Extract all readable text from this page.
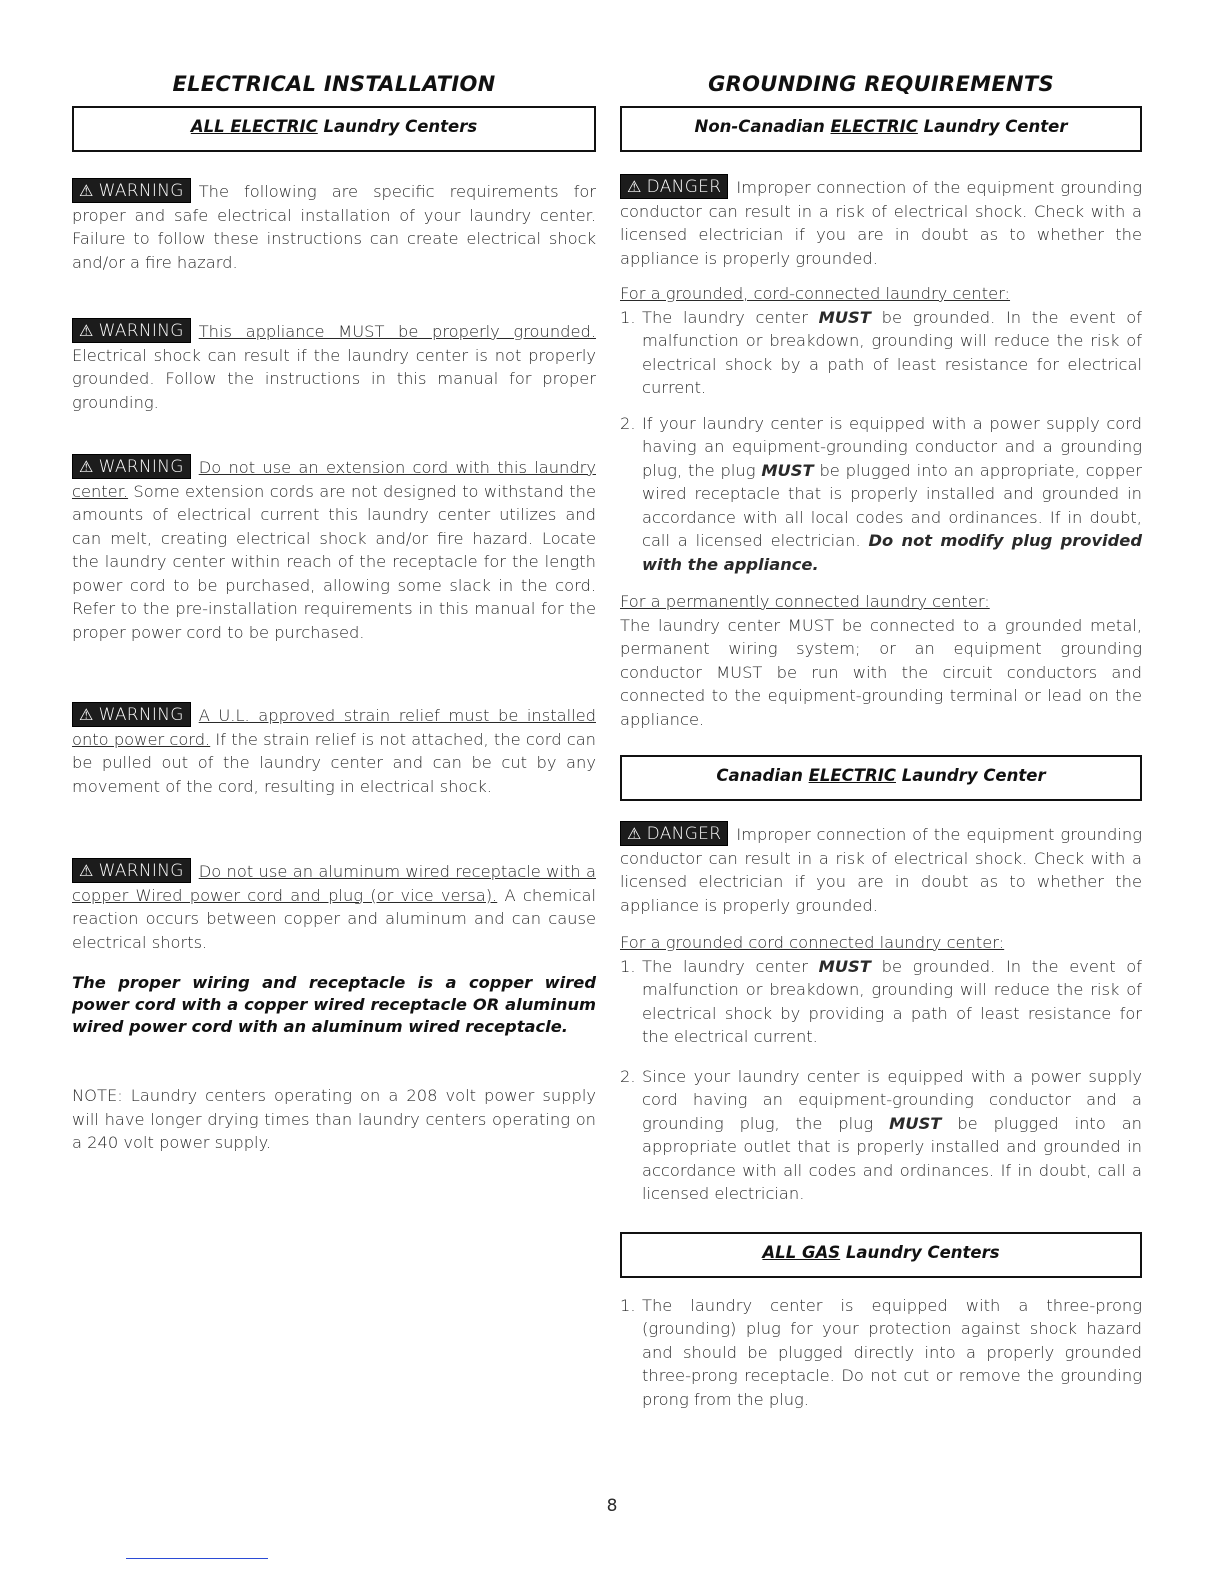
ELECTRICAL INSTALLATION
ALL ELECTRIC Laundry Centers

⚠ WARNING The following are specific requirements for proper and safe electrical installation of your laundry center. Failure to follow these instructions can create electrical shock and/or a fire hazard.

⚠ WARNING This appliance MUST be properly grounded. Electrical shock can result if the laundry center is not properly grounded. Follow the instructions in this manual for proper grounding.

⚠ WARNING Do not use an extension cord with this laundry center. Some extension cords are not designed to withstand the amounts of electrical current this laundry center utilizes and can melt, creating electrical shock and/or fire hazard. Locate the laundry center within reach of the receptacle for the length power cord to be purchased, allowing some slack in the cord. Refer to the pre-installation requirements in this manual for the proper power cord to be purchased.

⚠ WARNING A U.L. approved strain relief must be installed onto power cord. If the strain relief is not attached, the cord can be pulled out of the laundry center and can be cut by any movement of the cord, resulting in electrical shock.

⚠ WARNING Do not use an aluminum wired receptacle with a copper Wired power cord and plug (or vice versa). A chemical reaction occurs between copper and aluminum and can cause electrical shorts.

The proper wiring and receptacle is a copper wired power cord with a copper wired receptacle OR aluminum wired power cord with an aluminum wired receptacle.

NOTE: Laundry centers operating on a 208 volt power supply will have longer drying times than laundry centers operating on a 240 volt power supply.

GROUNDING REQUIREMENTS
Non-Canadian ELECTRIC Laundry Center

⚠ DANGER Improper connection of the equipment grounding conductor can result in a risk of electrical shock. Check with a licensed electrician if you are in doubt as to whether the appliance is properly grounded.

For a grounded, cord-connected laundry center:

1. The laundry center MUST be grounded. In the event of malfunction or breakdown, grounding will reduce the risk of electrical shock by a path of least resistance for electrical current.
2. If your laundry center is equipped with a power supply cord having an equipment-grounding conductor and a grounding plug, the plug MUST be plugged into an appropriate, copper wired receptacle that is properly installed and grounded in accordance with all local codes and ordinances. If in doubt, call a licensed electrician. Do not modify plug provided with the appliance.

For a permanently connected laundry center:

The laundry center MUST be connected to a grounded metal, permanent wiring system; or an equipment grounding conductor MUST be run with the circuit conductors and connected to the equipment-grounding terminal or lead on the appliance.

Canadian ELECTRIC Laundry Center

⚠ DANGER Improper connection of the equipment grounding conductor can result in a risk of electrical shock. Check with a licensed electrician if you are in doubt as to whether the appliance is properly grounded.

For a grounded cord connected laundry center:

1. The laundry center MUST be grounded. In the event of malfunction or breakdown, grounding will reduce the risk of electrical shock by providing a path of least resistance for the electrical current.
2. Since your laundry center is equipped with a power supply cord having an equipment-grounding conductor and a grounding plug, the plug MUST be plugged into an appropriate outlet that is properly installed and grounded in accordance with all codes and ordinances. If in doubt, call a licensed electrician.
ALL GAS Laundry Centers
1. The laundry center is equipped with a three-prong (grounding) plug for your protection against shock hazard and should be plugged directly into a properly grounded three-prong receptacle. Do not cut or remove the grounding prong from the plug.
8
